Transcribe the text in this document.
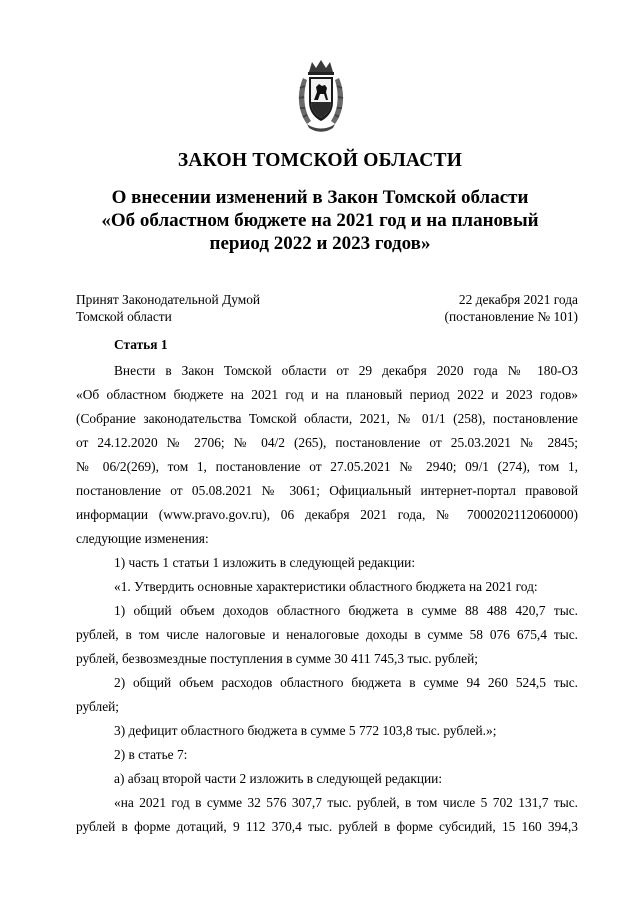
ЗАКОН ТОМСКОЙ ОБЛАСТИ
О внесении изменений в Закон Томской области
«Об областном бюджете на 2021 год и на плановый
период 2022 и 2023 годов»
Принят Законодательной Думой
Томской области
22 декабря 2021 года
(постановление № 101)
Статья 1
Внести в Закон Томской области от 29 декабря 2020 года № 180-ОЗ
«Об областном бюджете на 2021 год и на плановый период 2022 и 2023 годов»
(Собрание законодательства Томской области, 2021, № 01/1 (258), постановление
от 24.12.2020 № 2706; № 04/2 (265), постановление от 25.03.2021 № 2845;
№ 06/2(269), том 1, постановление от 27.05.2021 № 2940; 09/1 (274), том 1,
постановление от 05.08.2021 № 3061; Официальный интернет-портал правовой
информации (www.pravo.gov.ru), 06 декабря 2021 года, № 7000202112060000)
следующие изменения:
1) часть 1 статьи 1 изложить в следующей редакции:
«1. Утвердить основные характеристики областного бюджета на 2021 год:
1) общий объем доходов областного бюджета в сумме 88 488 420,7 тыс.
рублей, в том числе налоговые и неналоговые доходы в сумме 58 076 675,4 тыс.
рублей, безвозмездные поступления в сумме 30 411 745,3 тыс. рублей;
2) общий объем расходов областного бюджета в сумме 94 260 524,5 тыс.
рублей;
3) дефицит областного бюджета в сумме 5 772 103,8 тыс. рублей.»;
2) в статье 7:
а) абзац второй части 2 изложить в следующей редакции:
«на 2021 год в сумме 32 576 307,7 тыс. рублей, в том числе 5 702 131,7 тыс.
рублей в форме дотаций, 9 112 370,4 тыс. рублей в форме субсидий, 15 160 394,3
